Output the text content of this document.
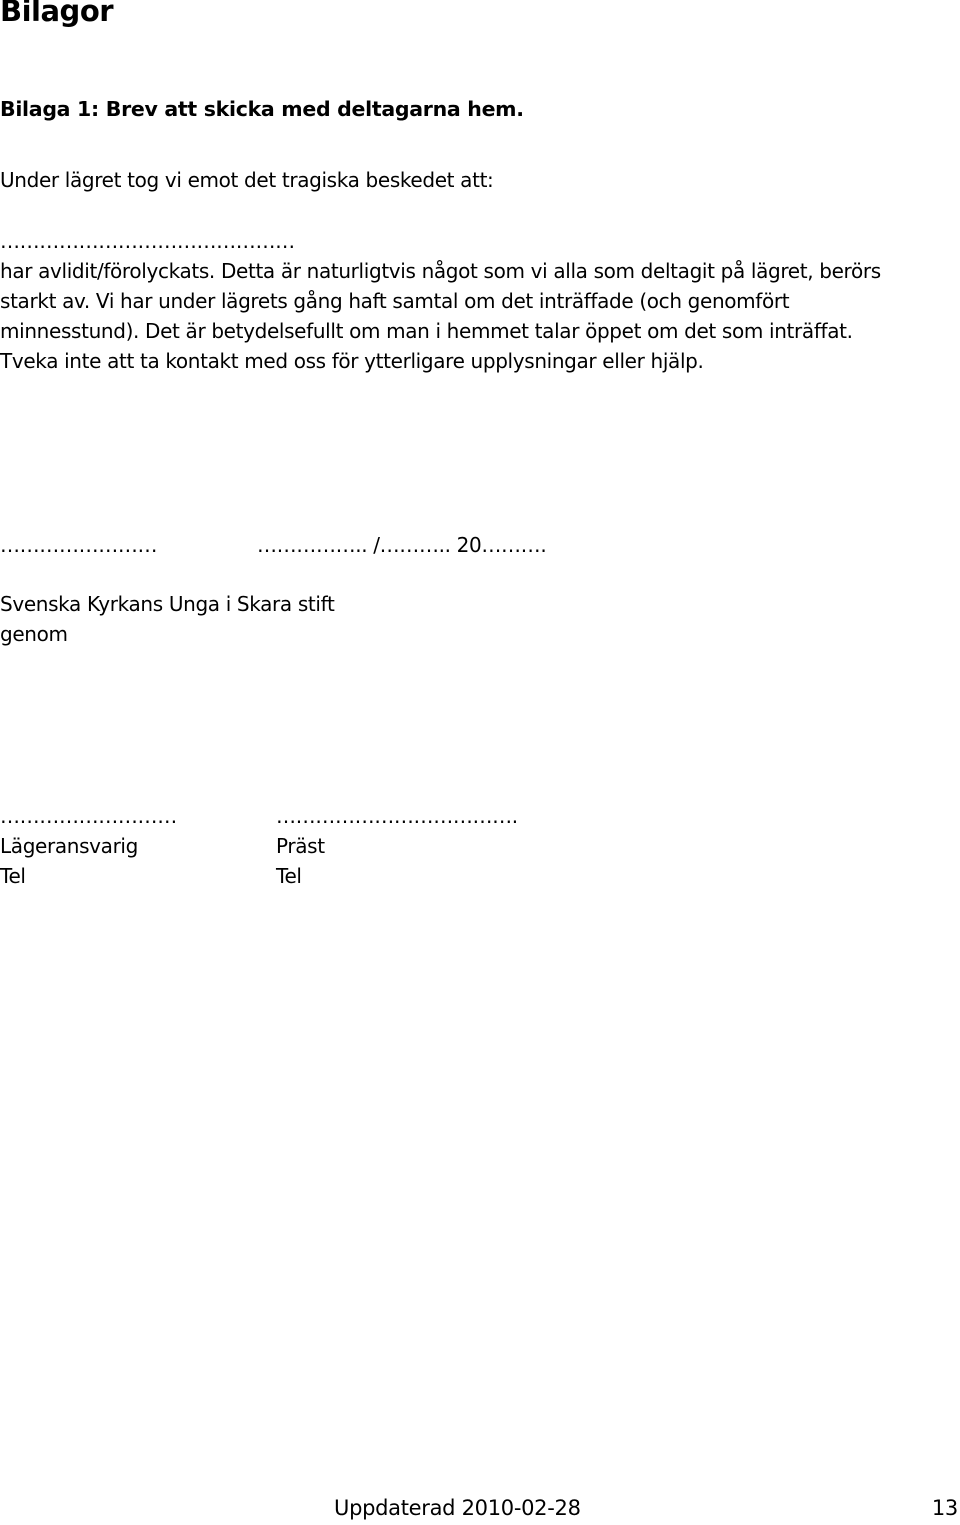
Bilagor
Bilaga 1: Brev att skicka med deltagarna hem.
Under lägret tog vi emot det tragiska beskedet att:
………………………………………
har avlidit/förolyckats. Detta är naturligtvis något som vi alla som deltagit på lägret, berörs
starkt av. Vi har under lägrets gång haft samtal om det inträffade (och genomfört
minnesstund). Det är betydelsefullt om man i hemmet talar öppet om det som inträffat.
Tveka inte att ta kontakt med oss för ytterligare upplysningar eller hjälp.
……………………	…………….. /……….. 20……….
Svenska Kyrkans Unga i Skara stift
genom
………………………
Lägeransvarig
Tel
……………………………….
Präst
Tel
Uppdaterad 2010-02-28	13
